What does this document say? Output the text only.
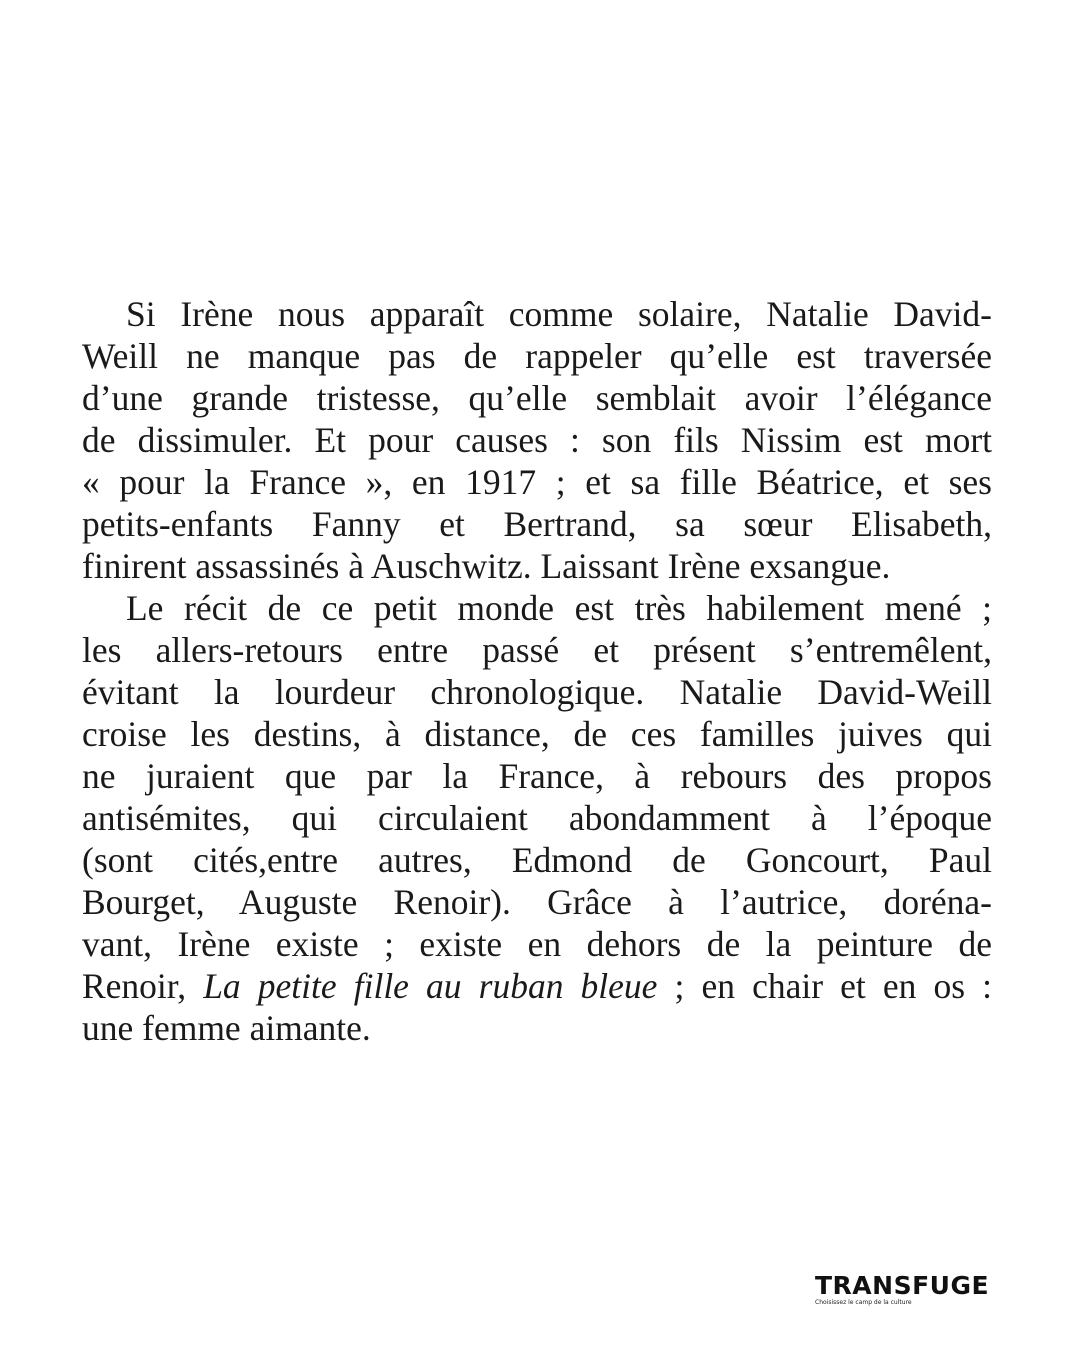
Si Irène nous apparaît comme solaire, Natalie David-
Weill ne manque pas de rappeler qu’elle est traversée
d’une grande tristesse, qu’elle semblait avoir l’élégance
de dissimuler. Et pour causes : son fils Nissim est mort
« pour la France », en 1917 ; et sa fille Béatrice, et ses
petits-enfants Fanny et Bertrand, sa sœur Elisabeth,
finirent assassinés à Auschwitz. Laissant Irène exsangue.
Le récit de ce petit monde est très habilement mené ;
les allers-retours entre passé et présent s’entremêlent,
évitant la lourdeur chronologique. Natalie David-Weill
croise les destins, à distance, de ces familles juives qui
ne juraient que par la France, à rebours des propos
antisémites, qui circulaient abondamment à l’époque
(sont cités,entre autres, Edmond de Goncourt, Paul
Bourget, Auguste Renoir). Grâce à l’autrice, doréna-
vant, Irène existe ; existe en dehors de la peinture de
Renoir, La petite fille au ruban bleue ; en chair et en os :
une femme aimante.
TRANSFUGE
Choisissez le camp de la culture
